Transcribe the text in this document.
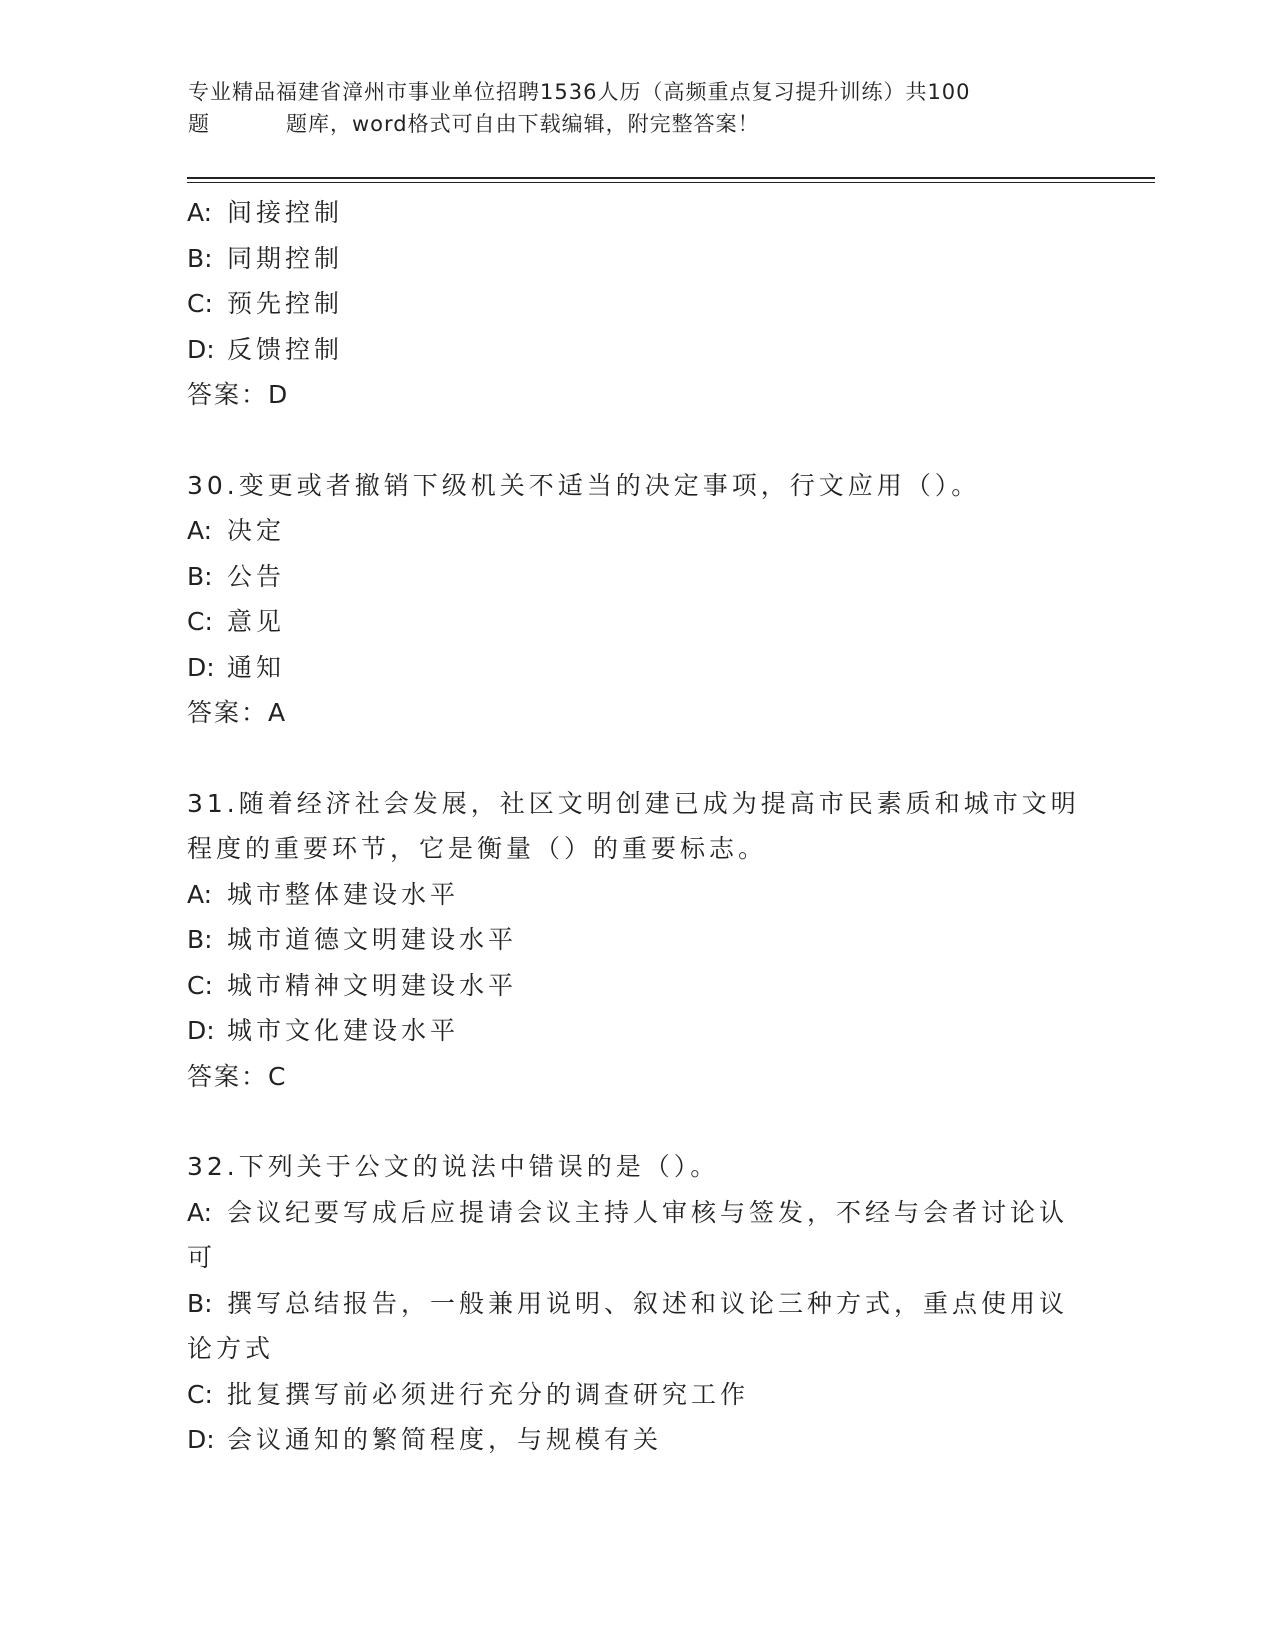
专业精品福建省漳州市事业单位招聘1536人历（高频重点复习提升训练）共100
题	题库，word格式可自由下载编辑，附完整答案！
A: 间接控制
B: 同期控制
C: 预先控制
D: 反馈控制
答案：D
30.变更或者撤销下级机关不适当的决定事项，行文应用（）。
A: 决定
B: 公告
C: 意见
D: 通知
答案：A
31.随着经济社会发展，社区文明创建已成为提高市民素质和城市文明
程度的重要环节，它是衡量（）的重要标志。
A: 城市整体建设水平
B: 城市道德文明建设水平
C: 城市精神文明建设水平
D: 城市文化建设水平
答案：C
32.下列关于公文的说法中错误的是（）。
A: 会议纪要写成后应提请会议主持人审核与签发，不经与会者讨论认
可
B: 撰写总结报告，一般兼用说明、叙述和议论三种方式，重点使用议
论方式
C: 批复撰写前必须进行充分的调查研究工作
D: 会议通知的繁简程度，与规模有关
